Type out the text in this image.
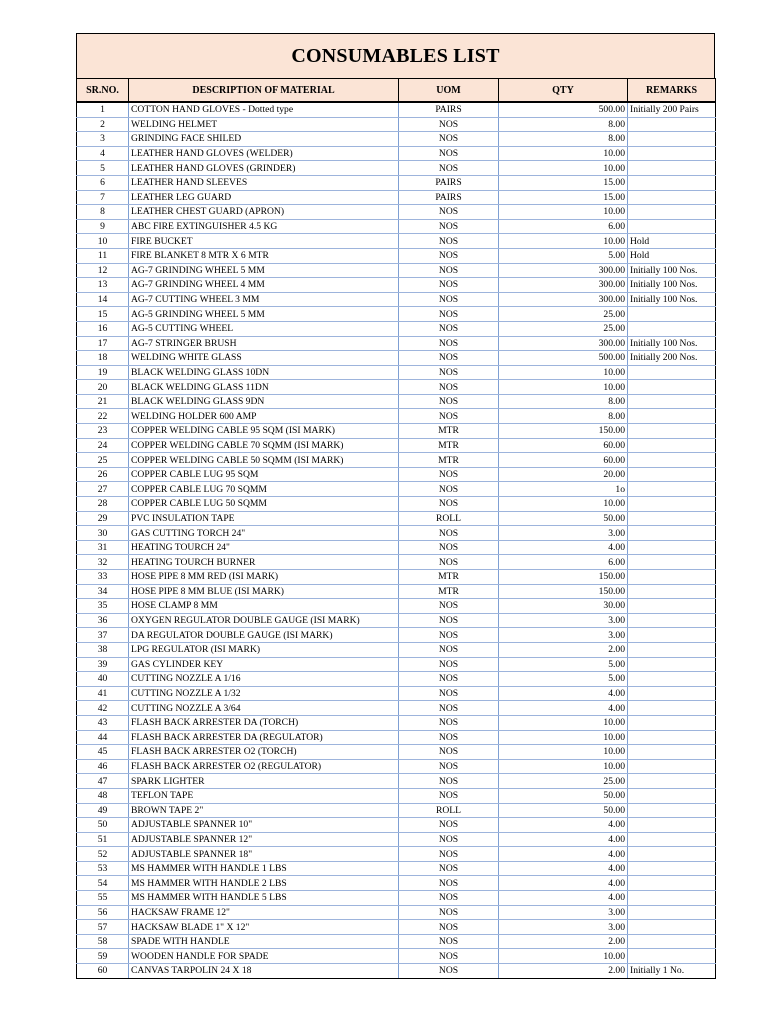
CONSUMABLES LIST
SR.NO.	DESCRIPTION OF MATERIAL	UOM	QTY	REMARKS
1	COTTON HAND GLOVES - Dotted type	PAIRS	500.00	Initially 200 Pairs
2	WELDING HELMET	NOS	8.00	
3	GRINDING FACE SHILED	NOS	8.00	
4	LEATHER HAND GLOVES (WELDER)	NOS	10.00	
5	LEATHER HAND GLOVES (GRINDER)	NOS	10.00	
6	LEATHER HAND SLEEVES	PAIRS	15.00	
7	LEATHER LEG GUARD	PAIRS	15.00	
8	LEATHER CHEST GUARD (APRON)	NOS	10.00	
9	ABC FIRE EXTINGUISHER 4.5 KG	NOS	6.00	
10	FIRE BUCKET	NOS	10.00	Hold
11	FIRE BLANKET 8 MTR X 6 MTR	NOS	5.00	Hold
12	AG-7 GRINDING WHEEL 5 MM	NOS	300.00	Initially 100 Nos.
13	AG-7 GRINDING WHEEL 4 MM	NOS	300.00	Initially 100 Nos.
14	AG-7 CUTTING WHEEL 3 MM	NOS	300.00	Initially 100 Nos.
15	AG-5 GRINDING WHEEL 5 MM	NOS	25.00	
16	AG-5 CUTTING WHEEL	NOS	25.00	
17	AG-7 STRINGER BRUSH	NOS	300.00	Initially 100 Nos.
18	WELDING WHITE GLASS	NOS	500.00	Initially 200 Nos.
19	BLACK WELDING GLASS 10DN	NOS	10.00	
20	BLACK WELDING GLASS 11DN	NOS	10.00	
21	BLACK WELDING GLASS 9DN	NOS	8.00	
22	WELDING HOLDER 600 AMP	NOS	8.00	
23	COPPER WELDING CABLE 95 SQM (ISI MARK)	MTR	150.00	
24	COPPER WELDING CABLE 70 SQMM (ISI MARK)	MTR	60.00	
25	COPPER WELDING CABLE 50 SQMM (ISI MARK)	MTR	60.00	
26	COPPER CABLE LUG 95 SQM	NOS	20.00	
27	COPPER CABLE LUG 70 SQMM	NOS	1o	
28	COPPER CABLE LUG 50 SQMM	NOS	10.00	
29	PVC INSULATION TAPE	ROLL	50.00	
30	GAS CUTTING TORCH 24"	NOS	3.00	
31	HEATING TOURCH 24"	NOS	4.00	
32	HEATING TOURCH BURNER	NOS	6.00	
33	HOSE PIPE 8 MM RED (ISI MARK)	MTR	150.00	
34	HOSE PIPE 8 MM BLUE (ISI MARK)	MTR	150.00	
35	HOSE CLAMP 8 MM	NOS	30.00	
36	OXYGEN REGULATOR DOUBLE GAUGE (ISI MARK)	NOS	3.00	
37	DA REGULATOR DOUBLE GAUGE (ISI MARK)	NOS	3.00	
38	LPG REGULATOR (ISI MARK)	NOS	2.00	
39	GAS CYLINDER KEY	NOS	5.00	
40	CUTTING NOZZLE A 1/16	NOS	5.00	
41	CUTTING NOZZLE A 1/32	NOS	4.00	
42	CUTTING NOZZLE A 3/64	NOS	4.00	
43	FLASH BACK ARRESTER DA (TORCH)	NOS	10.00	
44	FLASH BACK ARRESTER DA (REGULATOR)	NOS	10.00	
45	FLASH BACK ARRESTER O2 (TORCH)	NOS	10.00	
46	FLASH BACK ARRESTER O2 (REGULATOR)	NOS	10.00	
47	SPARK LIGHTER	NOS	25.00	
48	TEFLON TAPE	NOS	50.00	
49	BROWN TAPE 2"	ROLL	50.00	
50	ADJUSTABLE SPANNER 10"	NOS	4.00	
51	ADJUSTABLE SPANNER 12"	NOS	4.00	
52	ADJUSTABLE SPANNER 18"	NOS	4.00	
53	MS HAMMER WITH HANDLE 1 LBS	NOS	4.00	
54	MS HAMMER WITH HANDLE 2 LBS	NOS	4.00	
55	MS HAMMER WITH HANDLE 5 LBS	NOS	4.00	
56	HACKSAW FRAME 12"	NOS	3.00	
57	HACKSAW BLADE 1" X 12"	NOS	3.00	
58	SPADE WITH HANDLE	NOS	2.00	
59	WOODEN HANDLE FOR SPADE	NOS	10.00	
60	CANVAS TARPOLIN 24 X 18	NOS	2.00	Initially 1 No.
